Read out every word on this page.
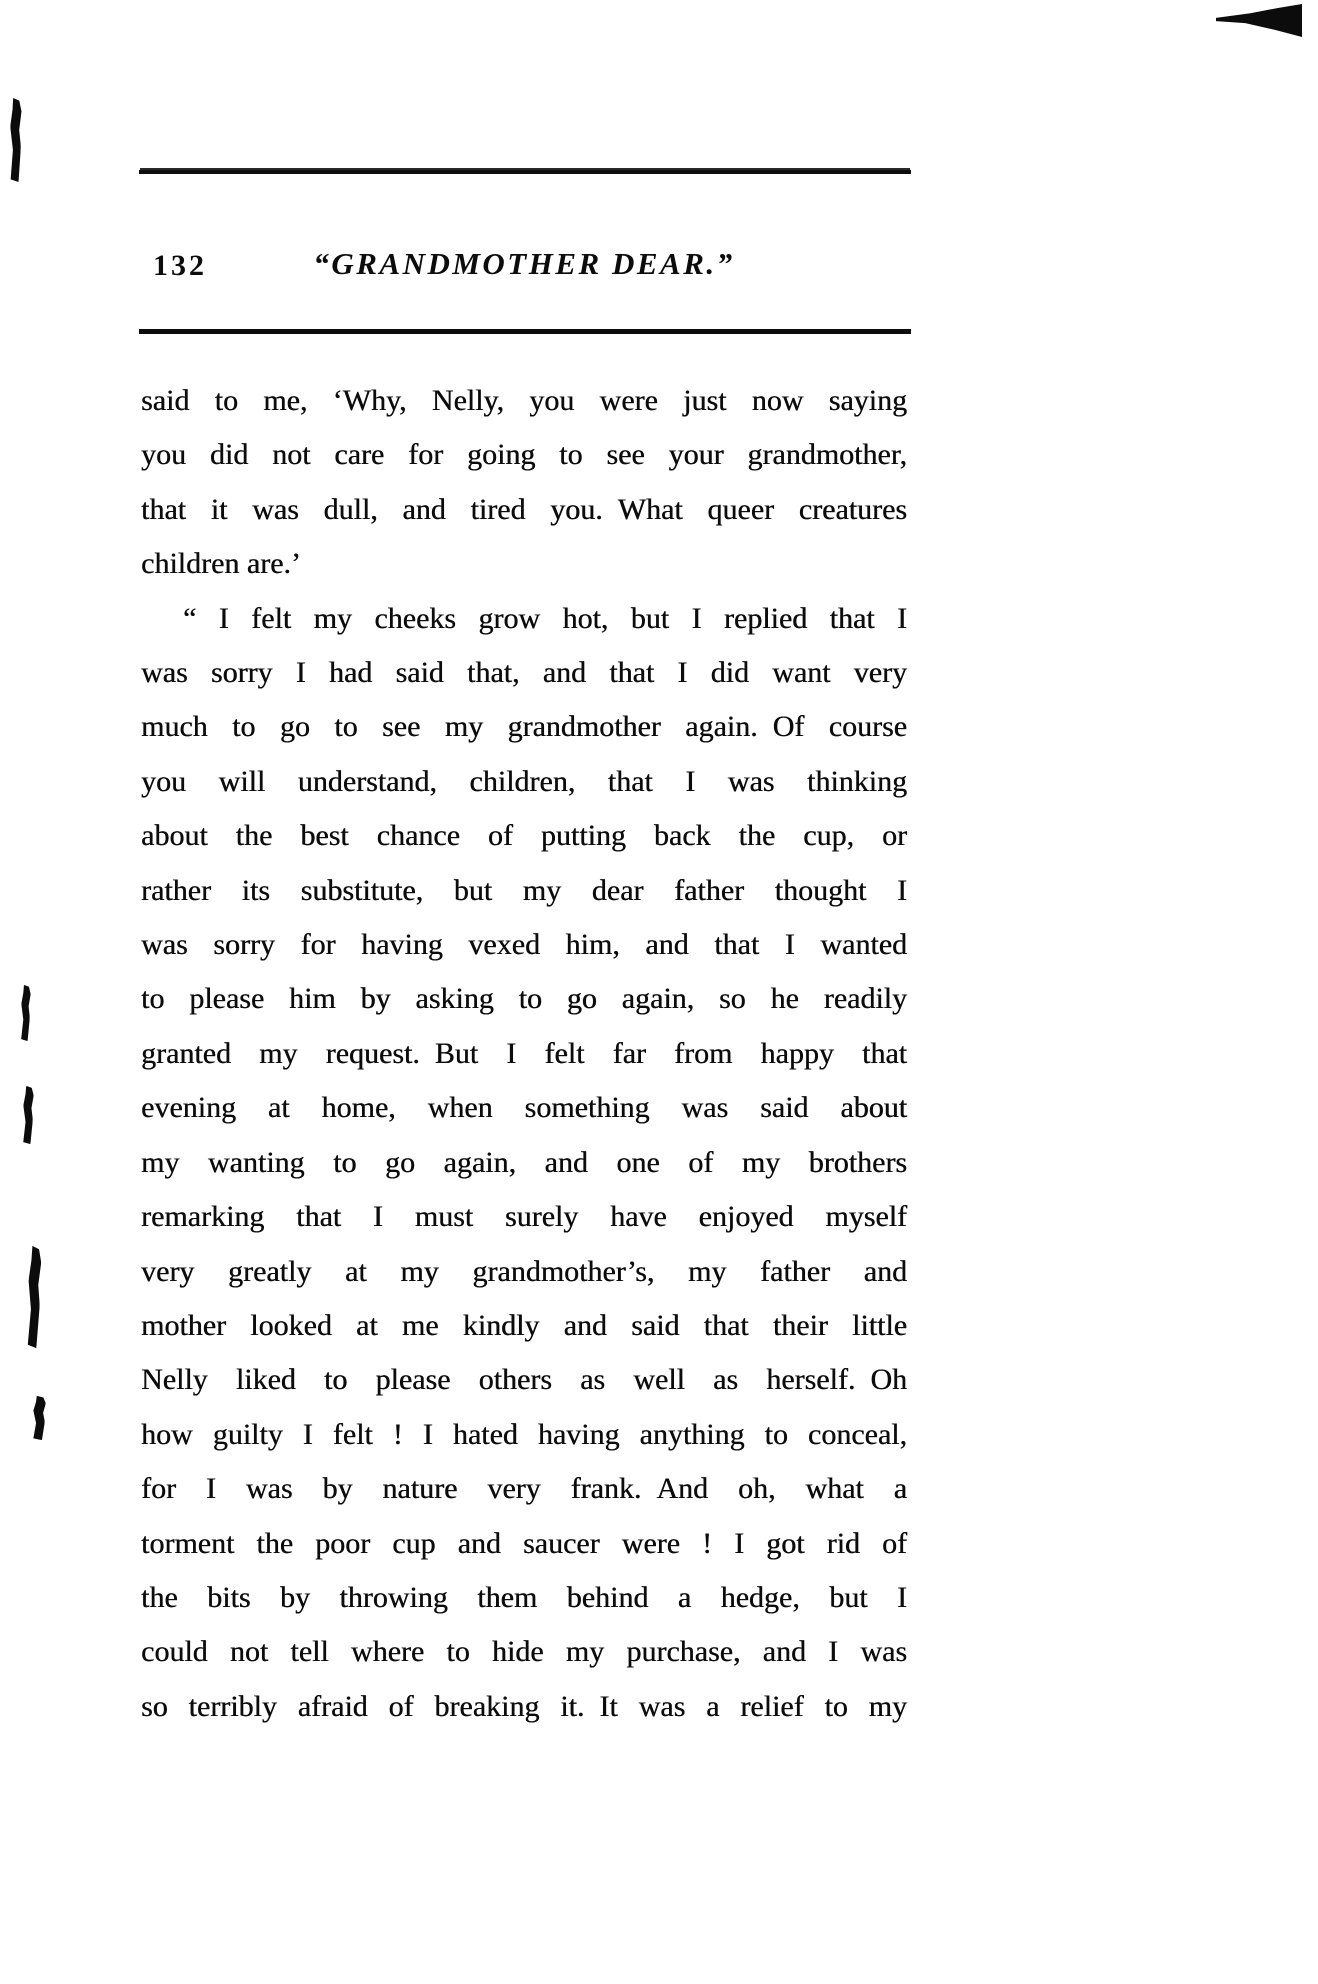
132	“GRANDMOTHER DEAR.”
said to me, ‘Why, Nelly, you were just now saying
you did not care for going to see your grandmother,
that it was dull, and tired you. What queer creatures
children are.’
“ I felt my cheeks grow hot, but I replied that I
was sorry I had said that, and that I did want very
much to go to see my grandmother again. Of course
you will understand, children, that I was thinking
about the best chance of putting back the cup, or
rather its substitute, but my dear father thought I
was sorry for having vexed him, and that I wanted
to please him by asking to go again, so he readily
granted my request. But I felt far from happy that
evening at home, when something was said about
my wanting to go again, and one of my brothers
remarking that I must surely have enjoyed myself
very greatly at my grandmother’s, my father and
mother looked at me kindly and said that their little
Nelly liked to please others as well as herself. Oh
how guilty I felt ! I hated having anything to conceal,
for I was by nature very frank. And oh, what a
torment the poor cup and saucer were ! I got rid of
the bits by throwing them behind a hedge, but I
could not tell where to hide my purchase, and I was
so terribly afraid of breaking it. It was a relief to my
